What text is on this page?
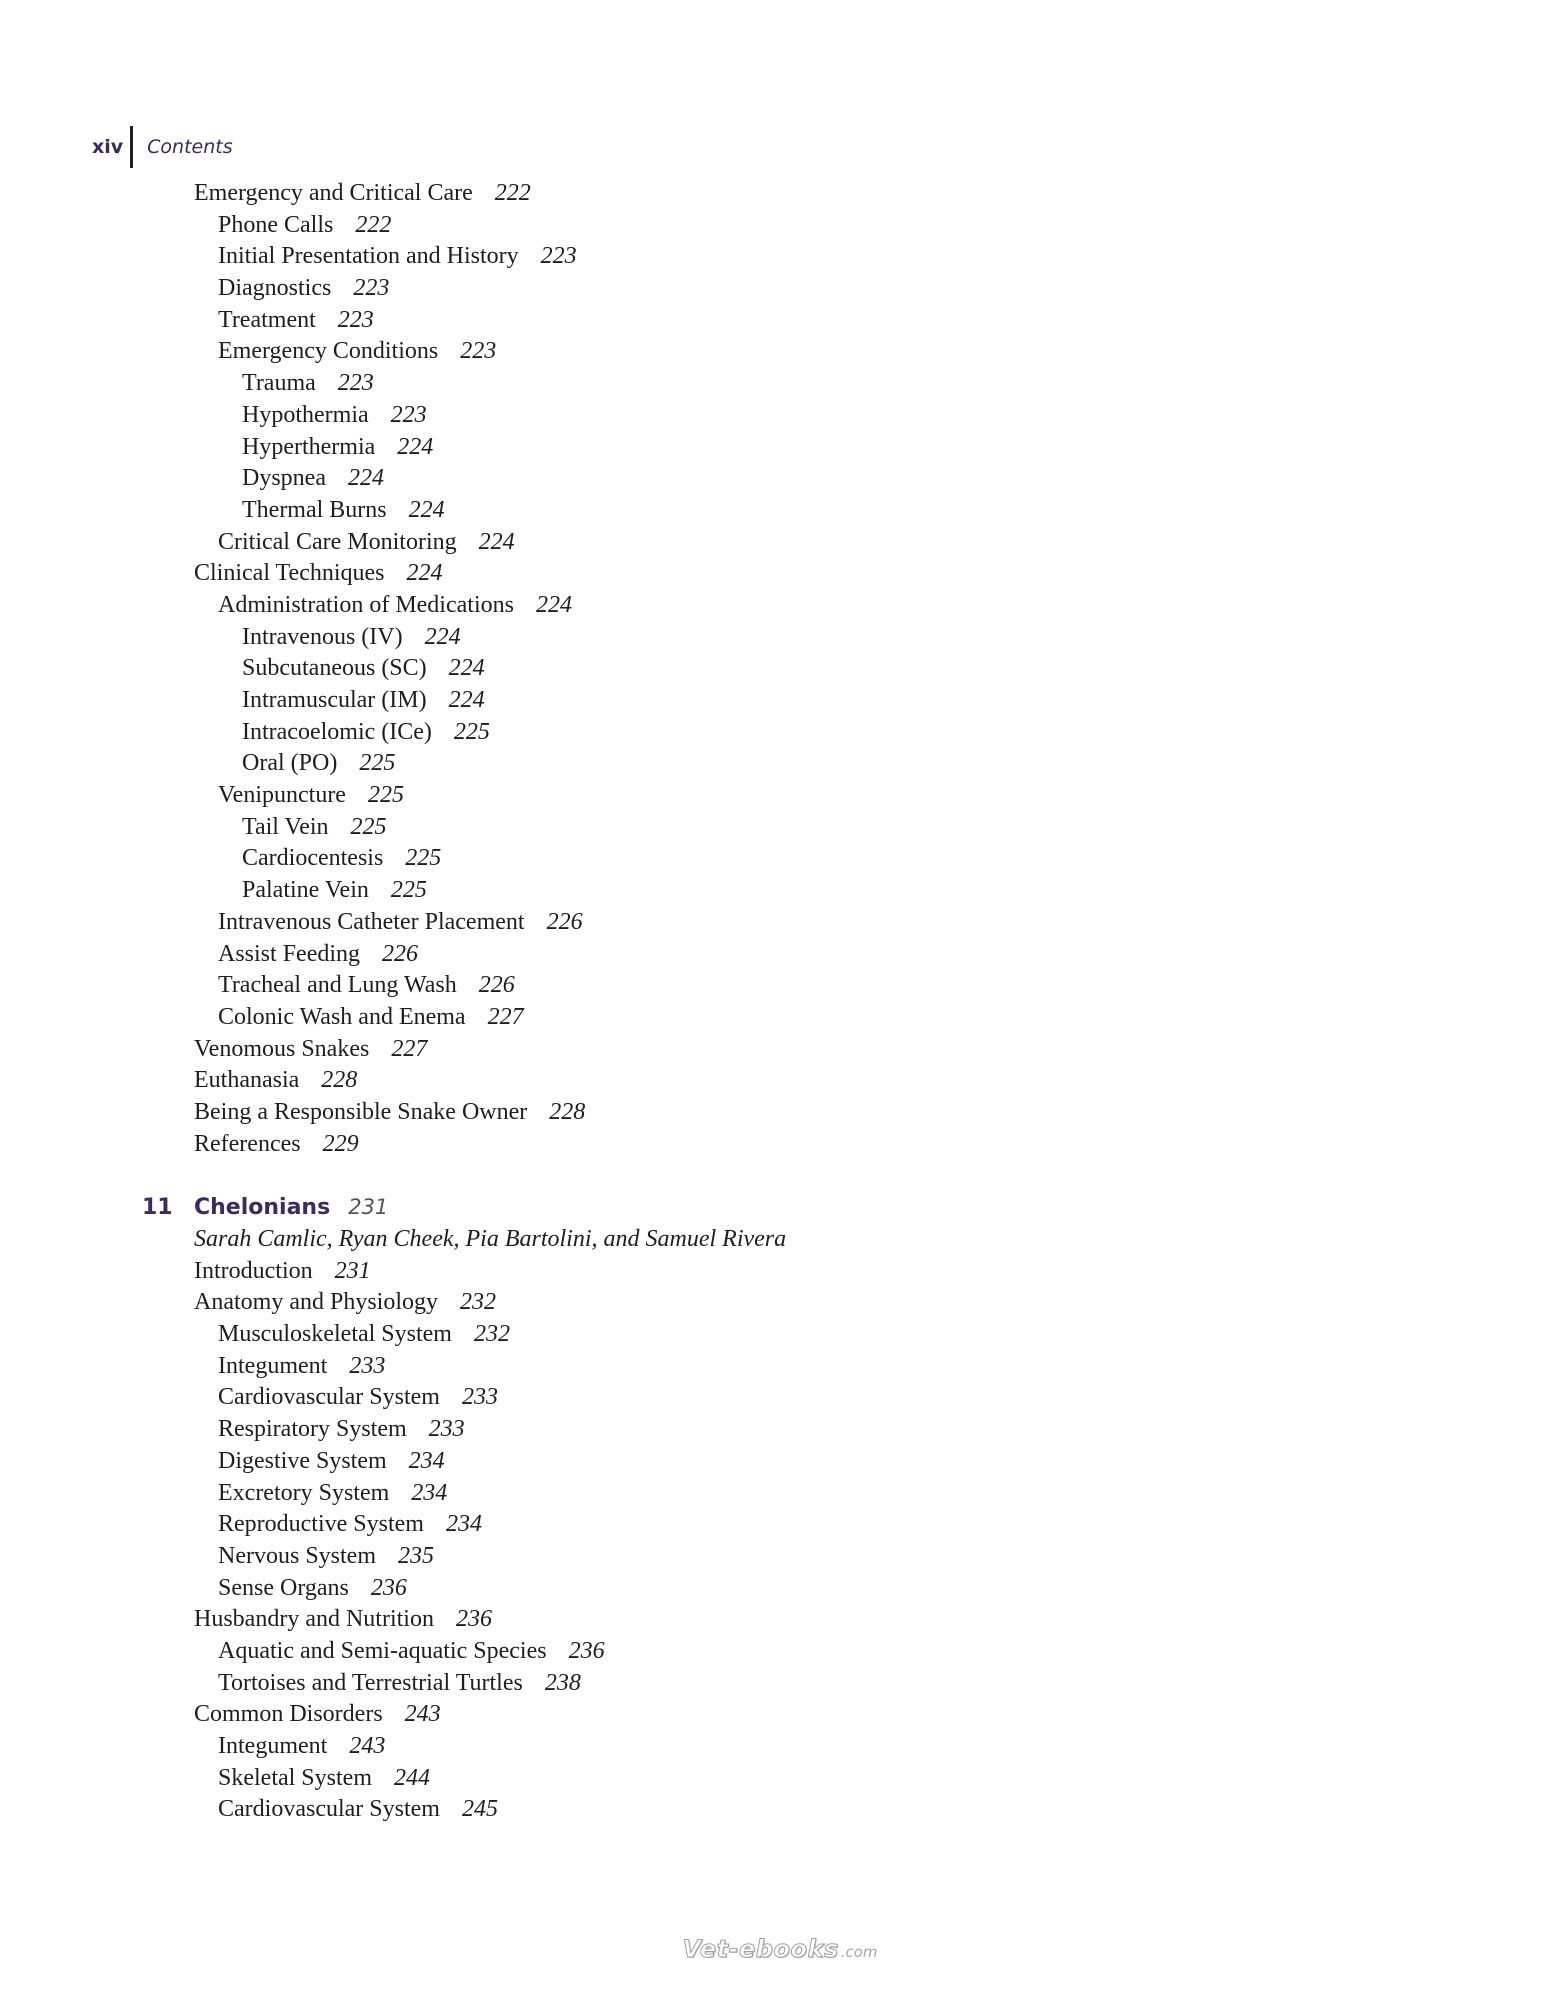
xiv	Contents
Emergency and Critical Care 222
Phone Calls 222
Initial Presentation and History 223
Diagnostics 223
Treatment 223
Emergency Conditions 223
Trauma 223
Hypothermia 223
Hyperthermia 224
Dyspnea 224
Thermal Burns 224
Critical Care Monitoring 224
Clinical Techniques 224
Administration of Medications 224
Intravenous (IV) 224
Subcutaneous (SC) 224
Intramuscular (IM) 224
Intracoelomic (ICe) 225
Oral (PO) 225
Venipuncture 225
Tail Vein 225
Cardiocentesis 225
Palatine Vein 225
Intravenous Catheter Placement 226
Assist Feeding 226
Tracheal and Lung Wash 226
Colonic Wash and Enema 227
Venomous Snakes 227
Euthanasia 228
Being a Responsible Snake Owner 228
References 229
11 Chelonians 231
Sarah Camlic, Ryan Cheek, Pia Bartolini, and Samuel Rivera
Introduction 231
Anatomy and Physiology 232
Musculoskeletal System 232
Integument 233
Cardiovascular System 233
Respiratory System 233
Digestive System 234
Excretory System 234
Reproductive System 234
Nervous System 235
Sense Organs 236
Husbandry and Nutrition 236
Aquatic and Semi-aquatic Species 236
Tortoises and Terrestrial Turtles 238
Common Disorders 243
Integument 243
Skeletal System 244
Cardiovascular System 245
Vet-ebooks .com
